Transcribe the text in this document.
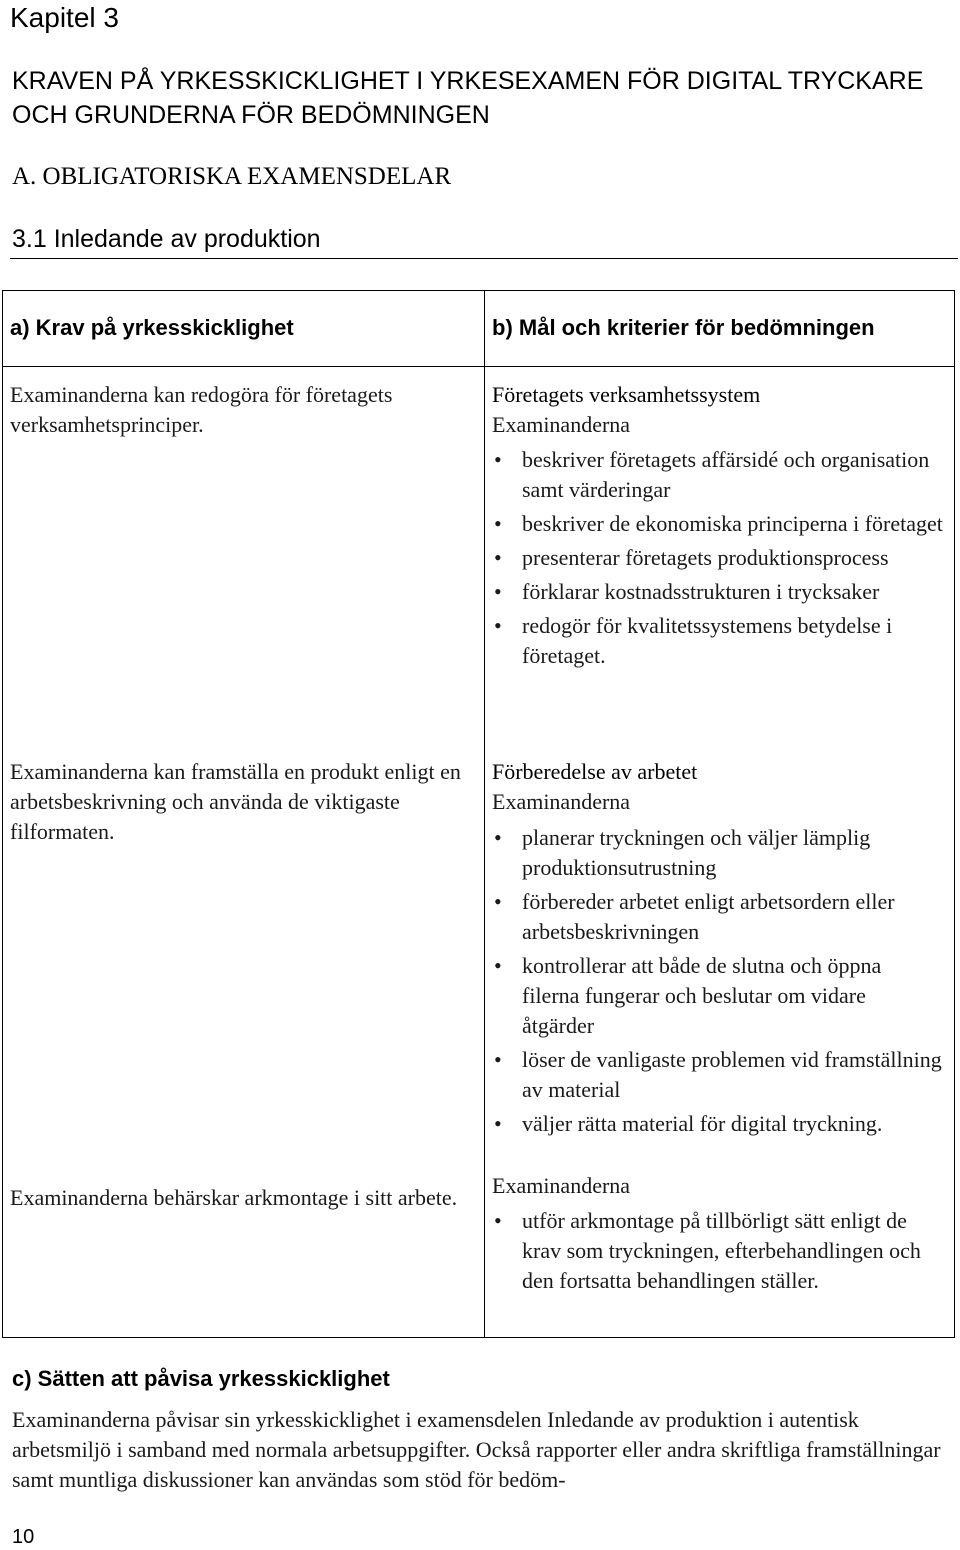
Kapitel 3
KRAVEN PÅ YRKESSKICKLIGHET I YRKESEXAMEN FÖR DIGITAL TRYCKARE OCH GRUNDERNA FÖR BEDÖMNINGEN
A. OBLIGATORISKA EXAMENSDELAR
3.1 Inledande av produktion

a) Krav på yrkesskicklighet	b) Mål och kriterier för bedömningen

Examinanderna kan redogöra för företagets verksamhetsprinciper.

Examinanderna kan framställa en produkt enligt en arbetsbeskrivning och använda de viktigaste filformaten.

Examinanderna behärskar arkmontage i sitt arbete.

Företagets verksamhetssystem

Examinanderna

• beskriver företagets affärsidé och organisation samt värderingar
• beskriver de ekonomiska principerna i företaget
• presenterar företagets produktionsprocess
• förklarar kostnadsstrukturen i trycksaker
• redogör för kvalitetssystemens betydelse i företaget.

Förberedelse av arbetet

Examinanderna

• planerar tryckningen och väljer lämplig produktionsutrustning
• förbereder arbetet enligt arbetsordern eller arbetsbeskrivningen
• kontrollerar att både de slutna och öppna filerna fungerar och beslutar om vidare åtgärder
• löser de vanligaste problemen vid framställning av material
• väljer rätta material för digital tryckning.

Examinanderna

• utför arkmontage på tillbörligt sätt enligt de krav som tryckningen, efterbehandlingen och den fortsatta behandlingen ställer.

c) Sätten att påvisa yrkesskicklighet

Examinanderna påvisar sin yrkesskicklighet i examensdelen Inledande av produktion i autentisk arbetsmiljö i samband med normala arbetsuppgifter. Också rapporter eller andra skriftliga framställningar samt muntliga diskussioner kan användas som stöd för bedöm-

10
